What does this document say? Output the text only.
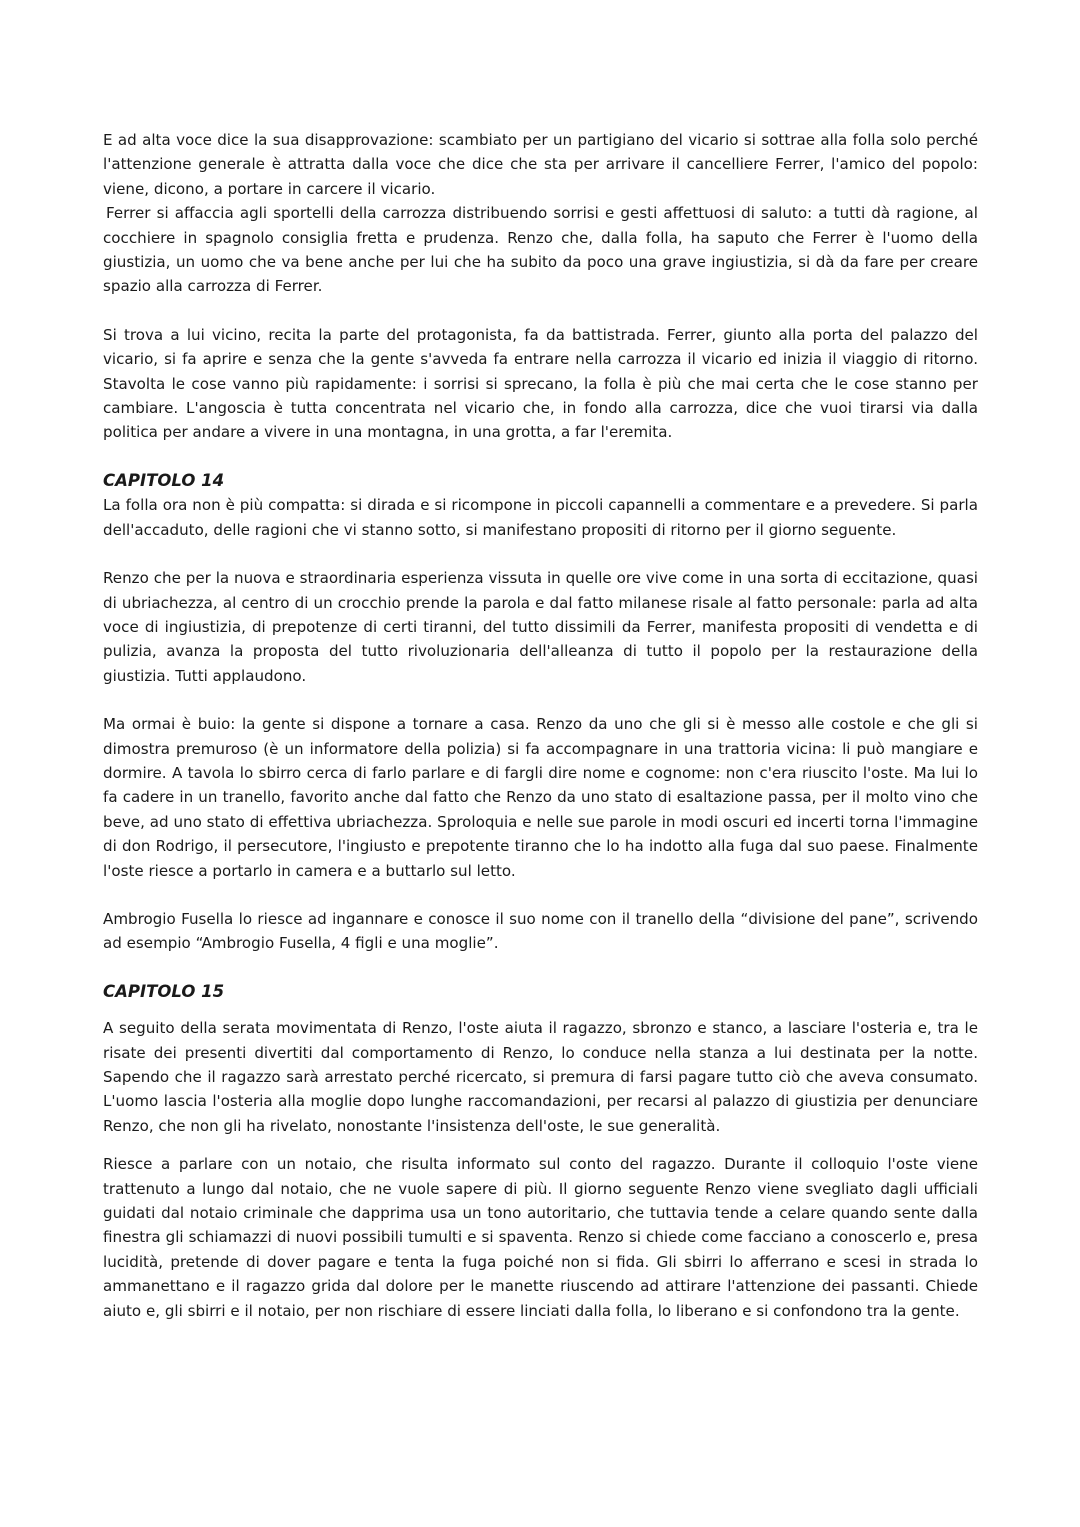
E ad alta voce dice la sua disapprovazione: scambiato per un partigiano del vicario si sottrae alla folla solo perché l'attenzione generale è attratta dalla voce che dice che sta per arrivare il cancelliere Ferrer, l'amico del popolo: viene, dicono, a portare in carcere il vicario.

Ferrer si affaccia agli sportelli della carrozza distribuendo sorrisi e gesti affettuosi di saluto: a tutti dà ragione, al cocchiere in spagnolo consiglia fretta e prudenza. Renzo che, dalla folla, ha saputo che Ferrer è l'uomo della giustizia, un uomo che va bene anche per lui che ha subito da poco una grave ingiustizia, si dà da fare per creare spazio alla carrozza di Ferrer.

Si trova a lui vicino, recita la parte del protagonista, fa da battistrada. Ferrer, giunto alla porta del palazzo del vicario, si fa aprire e senza che la gente s'avveda fa entrare nella carrozza il vicario ed inizia il viaggio di ritorno. Stavolta le cose vanno più rapidamente: i sorrisi si sprecano, la folla è più che mai certa che le cose stanno per cambiare. L'angoscia è tutta concentrata nel vicario che, in fondo alla carrozza, dice che vuoi tirarsi via dalla politica per andare a vivere in una montagna, in una grotta, a far l'eremita.

CAPITOLO 14

La folla ora non è più compatta: si dirada e si ricompone in piccoli capannelli a commentare e a prevedere. Si parla dell'accaduto, delle ragioni che vi stanno sotto, si manifestano propositi di ritorno per il giorno seguente.

Renzo che per la nuova e straordinaria esperienza vissuta in quelle ore vive come in una sorta di eccitazione, quasi di ubriachezza, al centro di un crocchio prende la parola e dal fatto milanese risale al fatto personale: parla ad alta voce di ingiustizia, di prepotenze di certi tiranni, del tutto dissimili da Ferrer, manifesta propositi di vendetta e di pulizia, avanza la proposta del tutto rivoluzionaria dell'alleanza di tutto il popolo per la restaurazione della giustizia. Tutti applaudono.

Ma ormai è buio: la gente si dispone a tornare a casa. Renzo da uno che gli si è messo alle costole e che gli si dimostra premuroso (è un informatore della polizia) si fa accompagnare in una trattoria vicina: li può mangiare e dormire. A tavola lo sbirro cerca di farlo parlare e di fargli dire nome e cognome: non c'era riuscito l'oste. Ma lui lo fa cadere in un tranello, favorito anche dal fatto che Renzo da uno stato di esaltazione passa, per il molto vino che beve, ad uno stato di effettiva ubriachezza. Sproloquia e nelle sue parole in modi oscuri ed incerti torna l'immagine di don Rodrigo, il persecutore, l'ingiusto e prepotente tiranno che lo ha indotto alla fuga dal suo paese. Finalmente l'oste riesce a portarlo in camera e a buttarlo sul letto.

Ambrogio Fusella lo riesce ad ingannare e conosce il suo nome con il tranello della “divisione del pane”, scrivendo ad esempio “Ambrogio Fusella, 4 figli e una moglie”.

CAPITOLO 15

A seguito della serata movimentata di Renzo, l'oste aiuta il ragazzo, sbronzo e stanco, a lasciare l'osteria e, tra le risate dei presenti divertiti dal comportamento di Renzo, lo conduce nella stanza a lui destinata per la notte. Sapendo che il ragazzo sarà arrestato perché ricercato, si premura di farsi pagare tutto ciò che aveva consumato. L'uomo lascia l'osteria alla moglie dopo lunghe raccomandazioni, per recarsi al palazzo di giustizia per denunciare Renzo, che non gli ha rivelato, nonostante l'insistenza dell'oste, le sue generalità.

Riesce a parlare con un notaio, che risulta informato sul conto del ragazzo. Durante il colloquio l'oste viene trattenuto a lungo dal notaio, che ne vuole sapere di più. Il giorno seguente Renzo viene svegliato dagli ufficiali guidati dal notaio criminale che dapprima usa un tono autoritario, che tuttavia tende a celare quando sente dalla finestra gli schiamazzi di nuovi possibili tumulti e si spaventa. Renzo si chiede come facciano a conoscerlo e, presa lucidità, pretende di dover pagare e tenta la fuga poiché non si fida. Gli sbirri lo afferrano e scesi in strada lo ammanettano e il ragazzo grida dal dolore per le manette riuscendo ad attirare l'attenzione dei passanti. Chiede aiuto e, gli sbirri e il notaio, per non rischiare di essere linciati dalla folla, lo liberano e si confondono tra la gente.
